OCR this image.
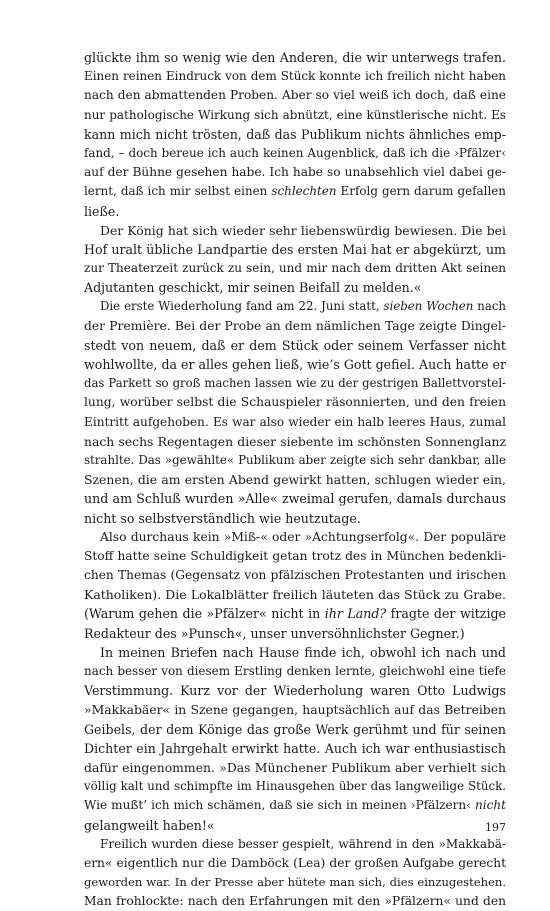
glückte ihm so wenig wie den Anderen, die wir unterwegs trafen.
Einen reinen Eindruck von dem Stück konnte ich freilich nicht haben
nach den abmattenden Proben. Aber so viel weiß ich doch, daß eine
nur pathologische Wirkung sich abnützt, eine künstlerische nicht. Es
kann mich nicht trösten, daß das Publikum nichts ähnliches emp-
fand, – doch bereue ich auch keinen Augenblick, daß ich die ›Pfälzer‹
auf der Bühne gesehen habe. Ich habe so unabsehlich viel dabei ge-
lernt, daß ich mir selbst einen schlechten Erfolg gern darum gefallen
ließe.
Der König hat sich wieder sehr liebenswürdig bewiesen. Die bei
Hof uralt übliche Landpartie des ersten Mai hat er abgekürzt, um
zur Theaterzeit zurück zu sein, und mir nach dem dritten Akt seinen
Adjutanten geschickt, mir seinen Beifall zu melden.«
Die erste Wiederholung fand am 22. Juni statt, sieben Wochen nach
der Première. Bei der Probe an dem nämlichen Tage zeigte Dingel-
stedt von neuem, daß er dem Stück oder seinem Verfasser nicht
wohlwollte, da er alles gehen ließ, wie’s Gott gefiel. Auch hatte er
das Parkett so groß machen lassen wie zu der gestrigen Ballettvorstel-
lung, worüber selbst die Schauspieler räsonnierten, und den freien
Eintritt aufgehoben. Es war also wieder ein halb leeres Haus, zumal
nach sechs Regentagen dieser siebente im schönsten Sonnenglanz
strahlte. Das »gewählte« Publikum aber zeigte sich sehr dankbar, alle
Szenen, die am ersten Abend gewirkt hatten, schlugen wieder ein,
und am Schluß wurden »Alle« zweimal gerufen, damals durchaus
nicht so selbstverständlich wie heutzutage.
Also durchaus kein »Miß-« oder »Achtungserfolg«. Der populäre
Stoff hatte seine Schuldigkeit getan trotz des in München bedenkli-
chen Themas (Gegensatz von pfälzischen Protestanten und irischen
Katholiken). Die Lokalblätter freilich läuteten das Stück zu Grabe.
(Warum gehen die »Pfälzer« nicht in ihr Land? fragte der witzige
Redakteur des »Punsch«, unser unversöhnlichster Gegner.)
In meinen Briefen nach Hause finde ich, obwohl ich nach und
nach besser von diesem Erstling denken lernte, gleichwohl eine tiefe
Verstimmung. Kurz vor der Wiederholung waren Otto Ludwigs
»Makkabäer« in Szene gegangen, hauptsächlich auf das Betreiben
Geibels, der dem Könige das große Werk gerühmt und für seinen
Dichter ein Jahrgehalt erwirkt hatte. Auch ich war enthusiastisch
dafür eingenommen. »Das Münchener Publikum aber verhielt sich
völlig kalt und schimpfte im Hinausgehen über das langweilige Stück.
Wie mußt’ ich mich schämen, daß sie sich in meinen ›Pfälzern‹ nicht
gelangweilt haben!«
Freilich wurden diese besser gespielt, während in den »Makkabä-
ern« eigentlich nur die Damböck (Lea) der großen Aufgabe gerecht
geworden war. In der Presse aber hütete man sich, dies einzugestehen.
Man frohlockte: nach den Erfahrungen mit den »Pfälzern« und den
197
